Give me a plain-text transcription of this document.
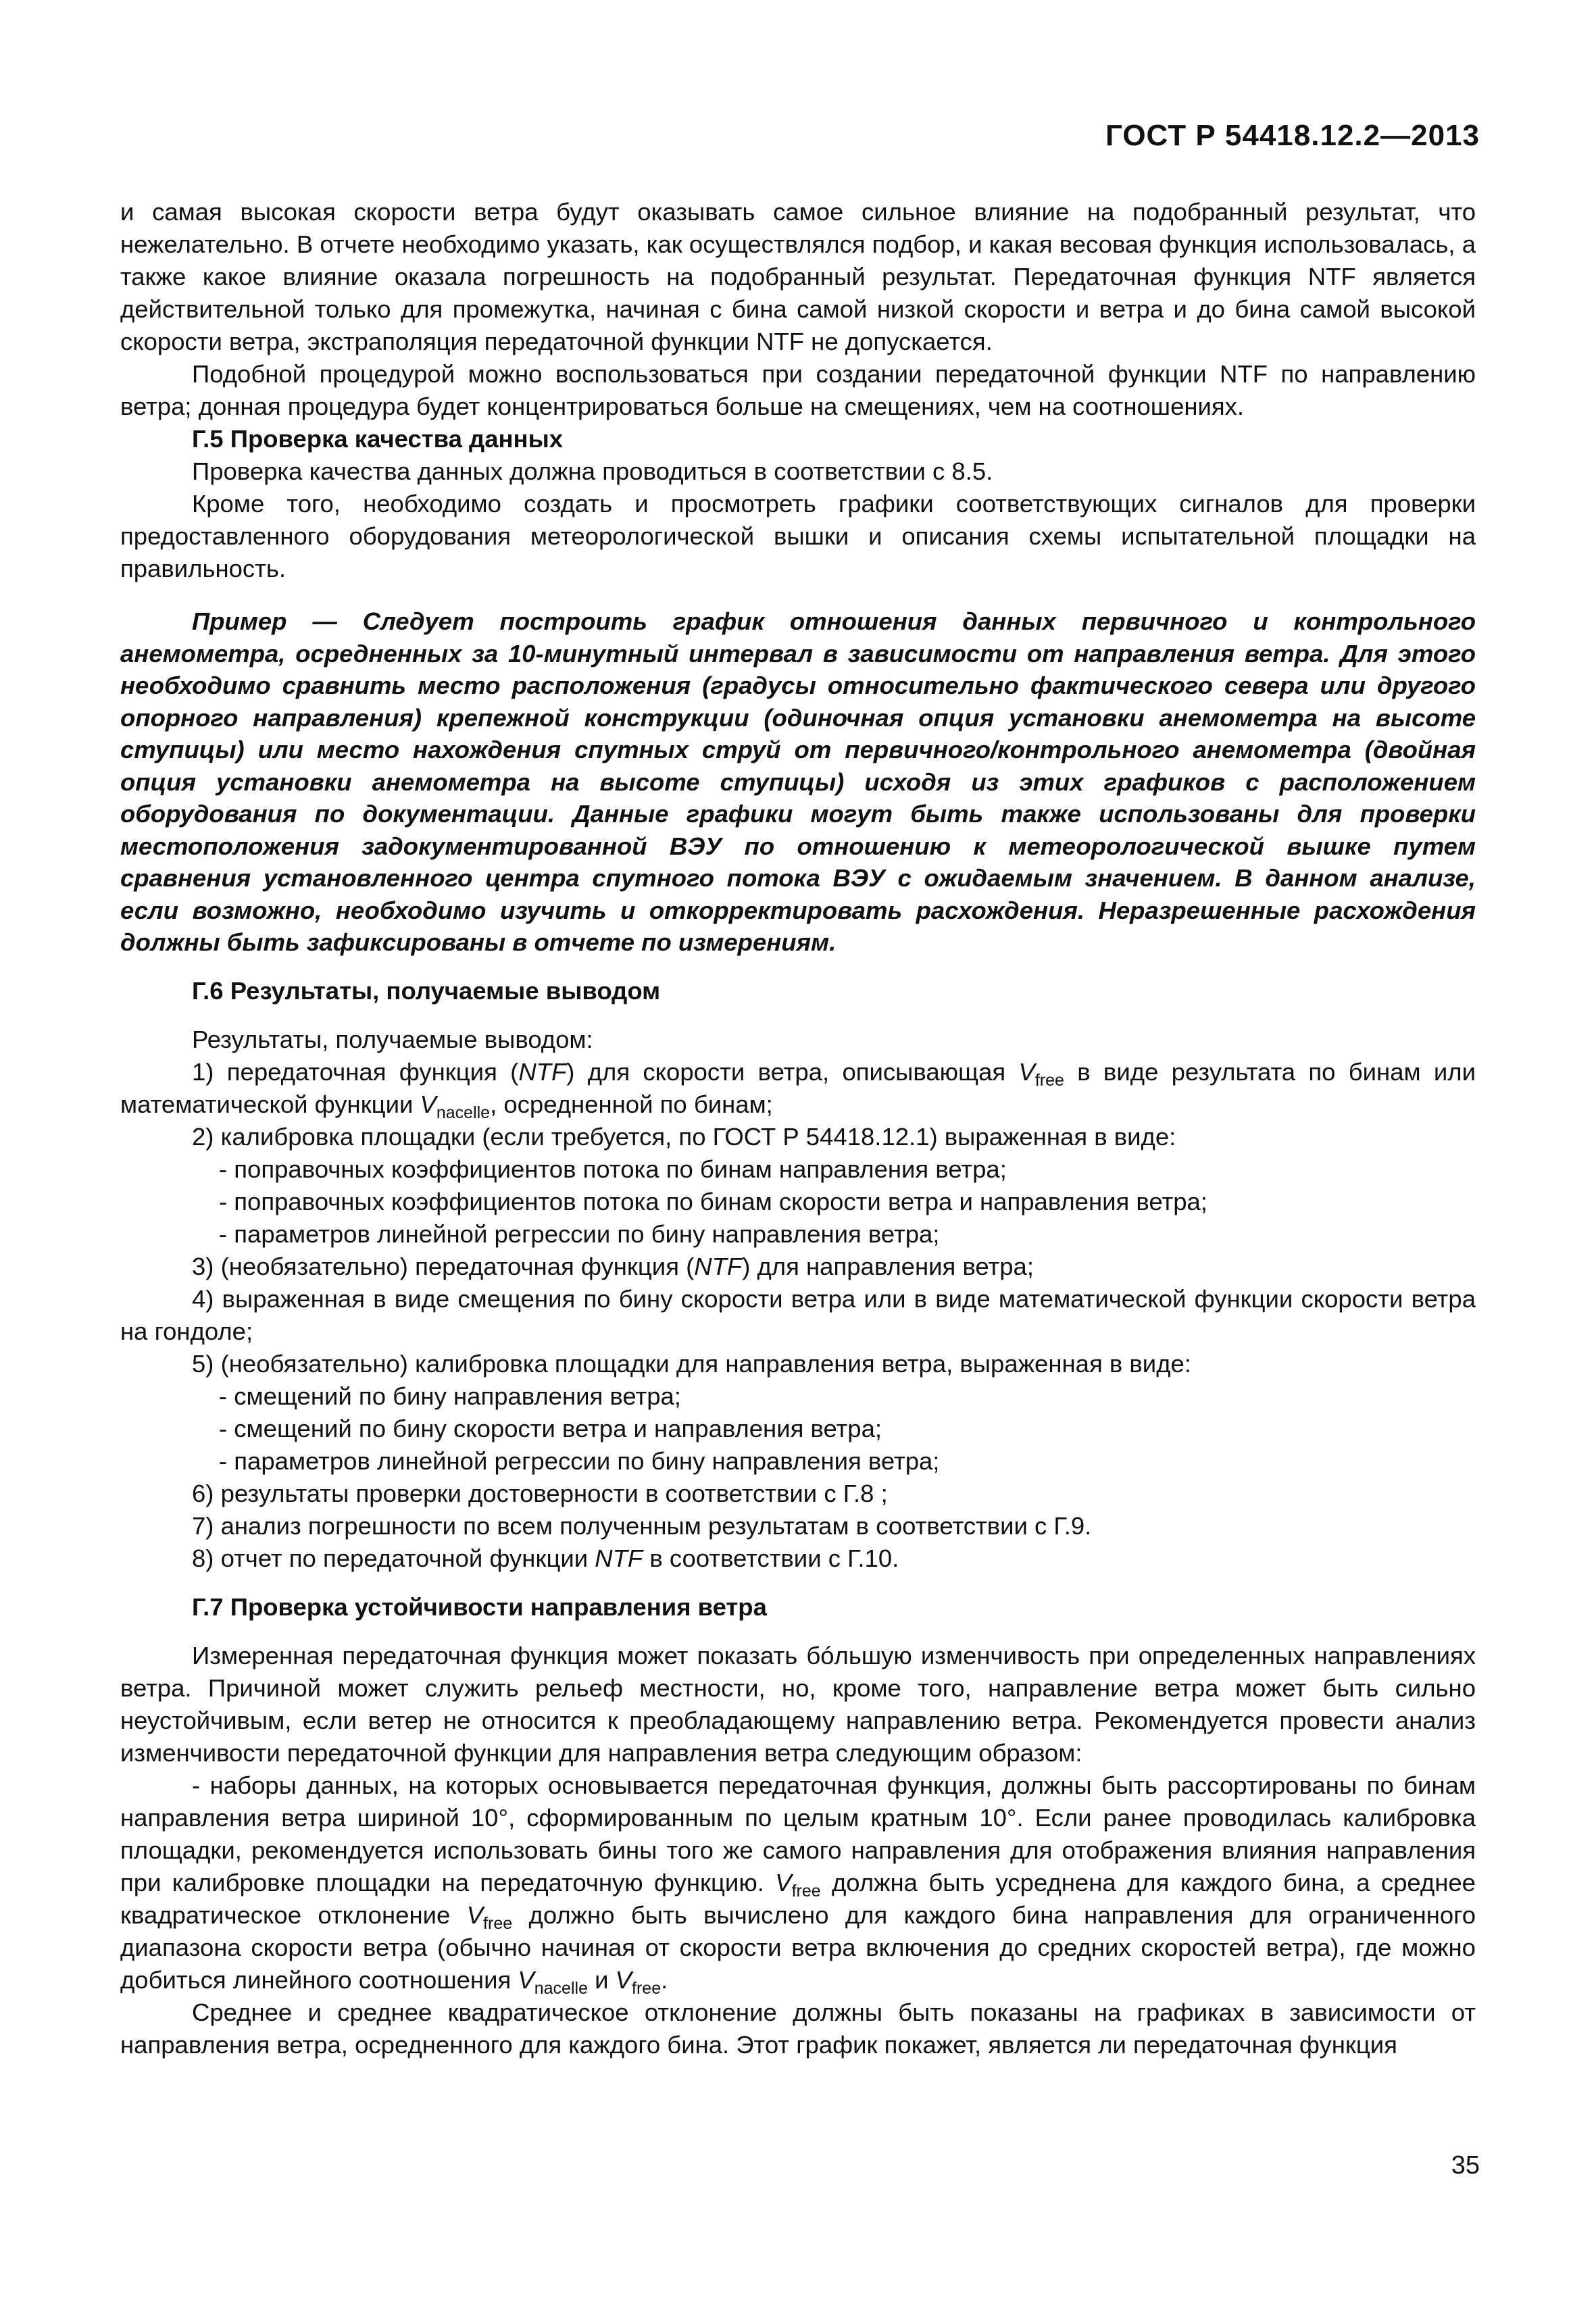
ГОСТ Р 54418.12.2—2013

и самая высокая скорости ветра будут оказывать самое сильное влияние на подобранный результат, что нежелательно. В отчете необходимо указать, как осуществлялся подбор, и какая весовая функция использовалась, а также какое влияние оказала погрешность на подобранный результат. Передаточная функция NTF является действительной только для промежутка, начиная с бина самой низкой скорости и ветра и до бина самой высокой скорости ветра, экстраполяция передаточной функции NTF не допускается.

Подобной процедурой можно воспользоваться при создании передаточной функции NTF по направлению ветра; донная процедура будет концентрироваться больше на смещениях, чем на соотношениях.

Г.5 Проверка качества данных

Проверка качества данных должна проводиться в соответствии с 8.5.

Кроме того, необходимо создать и просмотреть графики соответствующих сигналов для проверки предоставленного оборудования метеорологической вышки и описания схемы испытательной площадки на правильность.

Пример — Следует построить график отношения данных первичного и контрольного анемометра, осредненных за 10-минутный интервал в зависимости от направления ветра. Для этого необходимо сравнить место расположения (градусы относительно фактического севера или другого опорного направления) крепежной конструкции (одиночная опция установки анемометра на высоте ступицы) или место нахождения спутных струй от первичного/контрольного анемометра (двойная опция установки анемометра на высоте ступицы) исходя из этих графиков с расположением оборудования по документации. Данные графики могут быть также использованы для проверки местоположения задокументированной ВЭУ по отношению к метеорологической вышке путем сравнения установленного центра спутного потока ВЭУ с ожидаемым значением. В данном анализе, если возможно, необходимо изучить и откорректировать расхождения. Неразрешенные расхождения должны быть зафиксированы в отчете по измерениям.

Г.6 Результаты, получаемые выводом

Результаты, получаемые выводом:

1) передаточная функция (NTF) для скорости ветра, описывающая $V_{free}$ в виде результата по бинам или математической функции $V_{nacelle}$, осредненной по бинам;

2) калибровка площадки (если требуется, по ГОСТ Р 54418.12.1) выраженная в виде:

- поправочных коэффициентов потока по бинам направления ветра;

- поправочных коэффициентов потока по бинам скорости ветра и направления ветра;

- параметров линейной регрессии по бину направления ветра;

3) (необязательно) передаточная функция (NTF) для направления ветра;

4) выраженная в виде смещения по бину скорости ветра или в виде математической функции скорости ветра на гондоле;

5) (необязательно) калибровка площадки для направления ветра, выраженная в виде:

- смещений по бину направления ветра;

- смещений по бину скорости ветра и направления ветра;

- параметров линейной регрессии по бину направления ветра;

6) результаты проверки достоверности в соответствии с Г.8 ;

7) анализ погрешности по всем полученным результатам в соответствии с Г.9.

8) отчет по передаточной функции NTF в соответствии с Г.10.

Г.7 Проверка устойчивости направления ветра

Измеренная передаточная функция может показать бóльшую изменчивость при определенных направлениях ветра. Причиной может служить рельеф местности, но, кроме того, направление ветра может быть сильно неустойчивым, если ветер не относится к преобладающему направлению ветра. Рекомендуется провести анализ изменчивости передаточной функции для направления ветра следующим образом:

- наборы данных, на которых основывается передаточная функция, должны быть рассортированы по бинам направления ветра шириной 10°, сформированным по целым кратным 10°. Если ранее проводилась калибровка площадки, рекомендуется использовать бины того же самого направления для отображения влияния направления при калибровке площадки на передаточную функцию. $V_{free}$ должна быть усреднена для каждого бина, а среднее квадратическое отклонение $V_{free}$ должно быть вычислено для каждого бина направления для ограниченного диапазона скорости ветра (обычно начиная от скорости ветра включения до средних скоростей ветра), где можно добиться линейного соотношения $V_{nacelle}$ и $V_{free}$.

Среднее и среднее квадратическое отклонение должны быть показаны на графиках в зависимости от направления ветра, осредненного для каждого бина. Этот график покажет, является ли передаточная функция

35
